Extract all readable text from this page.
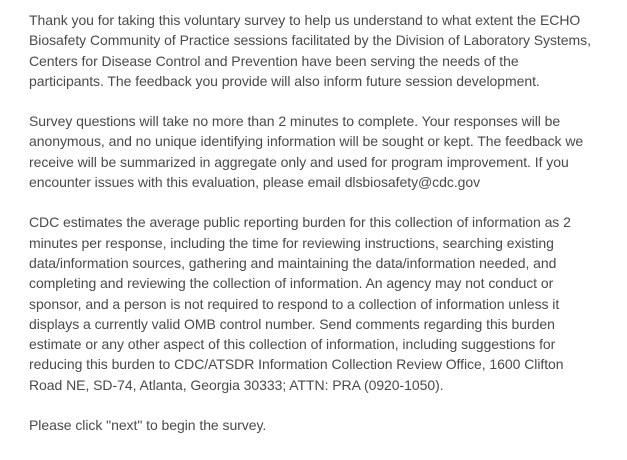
Thank you for taking this voluntary survey to help us understand to what extent the ECHO
Biosafety Community of Practice sessions facilitated by the Division of Laboratory Systems,
Centers for Disease Control and Prevention have been serving the needs of the
participants. The feedback you provide will also inform future session development.

Survey questions will take no more than 2 minutes to complete. Your responses will be
anonymous, and no unique identifying information will be sought or kept. The feedback we
receive will be summarized in aggregate only and used for program improvement. If you
encounter issues with this evaluation, please email dlsbiosafety@cdc.gov

CDC estimates the average public reporting burden for this collection of information as 2
minutes per response, including the time for reviewing instructions, searching existing
data/information sources, gathering and maintaining the data/information needed, and
completing and reviewing the collection of information. An agency may not conduct or
sponsor, and a person is not required to respond to a collection of information unless it
displays a currently valid OMB control number. Send comments regarding this burden
estimate or any other aspect of this collection of information, including suggestions for
reducing this burden to CDC/ATSDR Information Collection Review Office, 1600 Clifton
Road NE, SD-74, Atlanta, Georgia 30333; ATTN: PRA (0920-1050).

Please click "next" to begin the survey.
